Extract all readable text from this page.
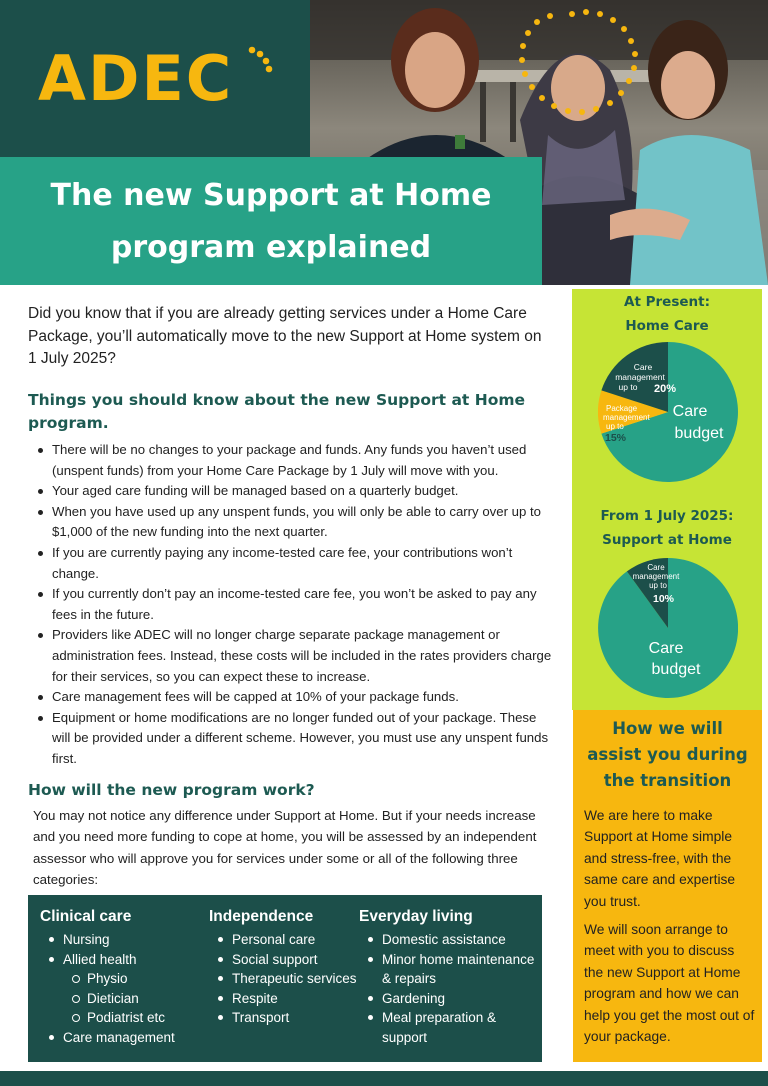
ADEC
The new Support at Home
program explained

Did you know that if you are already getting services under a Home Care Package, you’ll automatically move to the new Support at Home system on 1 July 2025?

Things you should know about the new Support at Home program.
There will be no changes to your package and funds. Any funds you haven’t used (unspent funds) from your Home Care Package by 1 July will move with you.
Your aged care funding will be managed based on a quarterly budget.
When you have used up any unspent funds, you will only be able to carry over up to $1,000 of the new funding into the next quarter.
If you are currently paying any income-tested care fee, your contributions won’t change.
If you currently don’t pay an income-tested care fee, you won’t be asked to pay any fees in the future.
Providers like ADEC will no longer charge separate package management or administration fees. Instead, these costs will be included in the rates providers charge for their services, so you can expect these to increase.
Care management fees will be capped at 10% of your package funds.
Equipment or home modifications are no longer funded out of your package. These will be provided under a different scheme. However, you must use any unspent funds first.
How will the new program work?

You may not notice any difference under Support at Home. But if your needs increase and you need more funding to cope at home, you will be assessed by an independent assessor who will approve you for services under some or all of the following three categories:

Clinical care
Nursing
Allied health
Physio
Dietician
Podiatrist etc
Care management
Independence
Personal care
Social support
Therapeutic services
Respite
Transport
Everyday living
Domestic assistance
Minor home maintenance & repairs
Gardening
Meal preparation & support
At Present:
Home Care
Care management up to	20%
Package management up to
15%
Care budget
From 1 July 2025:
Support at Home
Care management up to
10%
Care budget
How we will
assist you during
the transition

We are here to make Support at Home simple and stress-free, with the same care and expertise you trust.

We will soon arrange to meet with you to discuss the new Support at Home program and how we can help you get the most out of your package.
